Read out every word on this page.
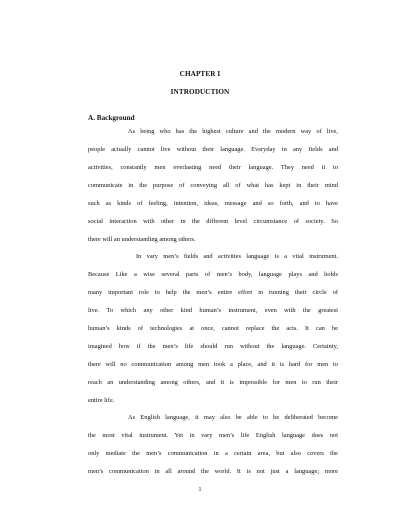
CHAPTER I
INTRODUCTION
A. Background
As being who has the highest culture and the modern way of live,
people actually cannot live without their language. Everyday in any fields and
activities, constantly men everlasting need their language. They need it to
communicate in the purpose of conveying all of what has kept in their mind
such as kinds of feeling, intention, ideas, message and so forth, and to have
social interaction with other in the different level circumstance of society. So
there will an understanding among others.
In vary men’s fields and activities language is a vital instrument.
Because Like a wise several parts of men’s body, language plays and holds
many important role to help the men’s entire effort in running their circle of
live. To which any other kind human’s instrument, even with the greatest
human’s kinds of technologies at once, cannot replace the acts. It can be
imagined how if the men’s life should run without the language. Certainty,
there will no communication among men took a place, and it is hard for men to
reach an understanding among others, and it is impossible for men to run their
entire life.
As English language, it may also be able to be deliberated become
the most vital instrument. Yet in vary men’s life English language does not
only mediate the men’s communication in a certain area, but also covers the
men’s communication in all around the world. It is not just a language; more
1
